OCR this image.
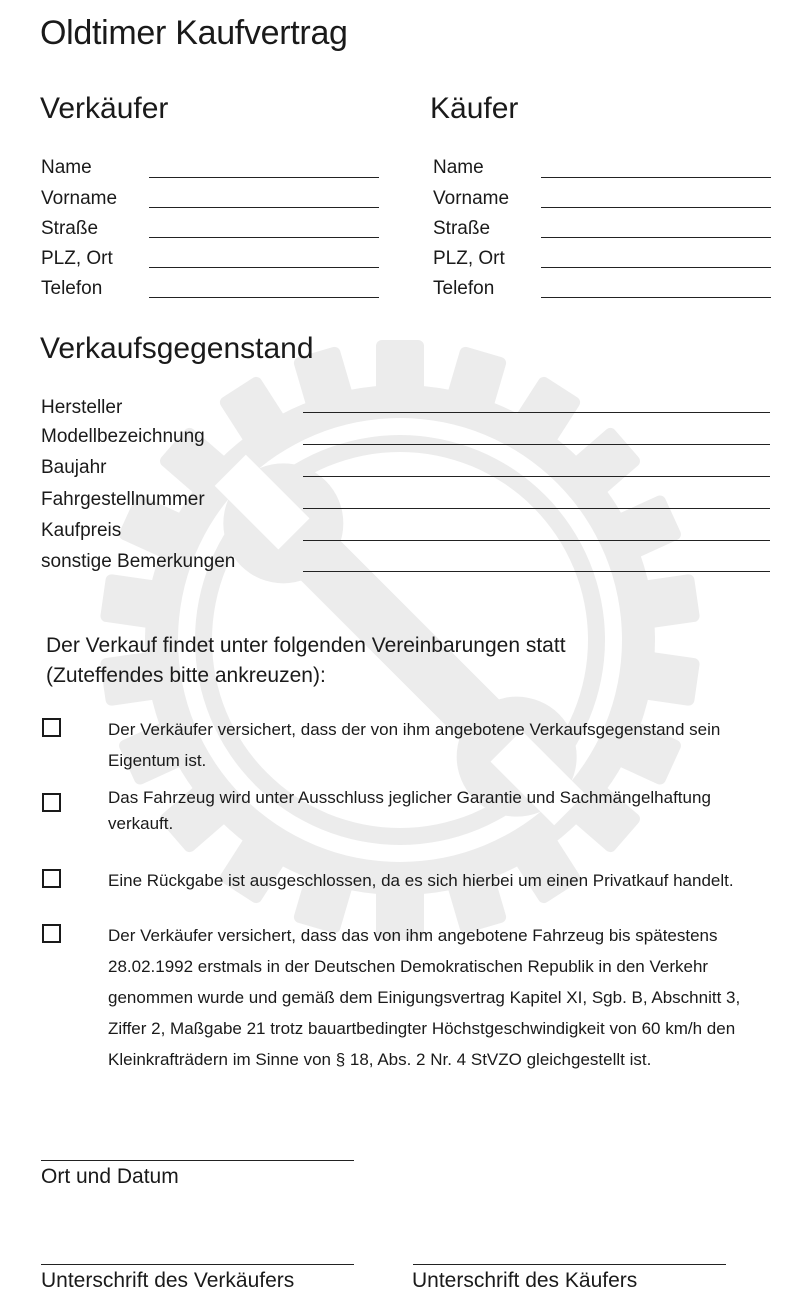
Oldtimer Kaufvertrag
Verkäufer	Käufer
Name
Vorname
Straße
PLZ, Ort
Telefon
Name
Vorname
Straße
PLZ, Ort
Telefon
Verkaufsgegenstand
Hersteller
Modellbezeichnung
Baujahr
Fahrgestellnummer
Kaufpreis
sonstige Bemerkungen
Der Verkauf findet unter folgenden Vereinbarungen statt
(Zuteffendes bitte ankreuzen):
Der Verkäufer versichert, dass der von ihm angebotene Verkaufsgegenstand sein
Eigentum ist.
Das Fahrzeug wird unter Ausschluss jeglicher Garantie und Sachmängelhaftung
verkauft.
Eine Rückgabe ist ausgeschlossen, da es sich hierbei um einen Privatkauf handelt.
Der Verkäufer versichert, dass das von ihm angebotene Fahrzeug bis spätestens
28.02.1992 erstmals in der Deutschen Demokratischen Republik in den Verkehr
genommen wurde und gemäß dem Einigungsvertrag Kapitel XI, Sgb. B, Abschnitt 3,
Ziffer 2, Maßgabe 21 trotz bauartbedingter Höchstgeschwindigkeit von 60 km/h den
Kleinkrafträdern im Sinne von § 18, Abs. 2 Nr. 4 StVZO gleichgestellt ist.
Ort und Datum
Unterschrift des Verkäufers	Unterschrift des Käufers
